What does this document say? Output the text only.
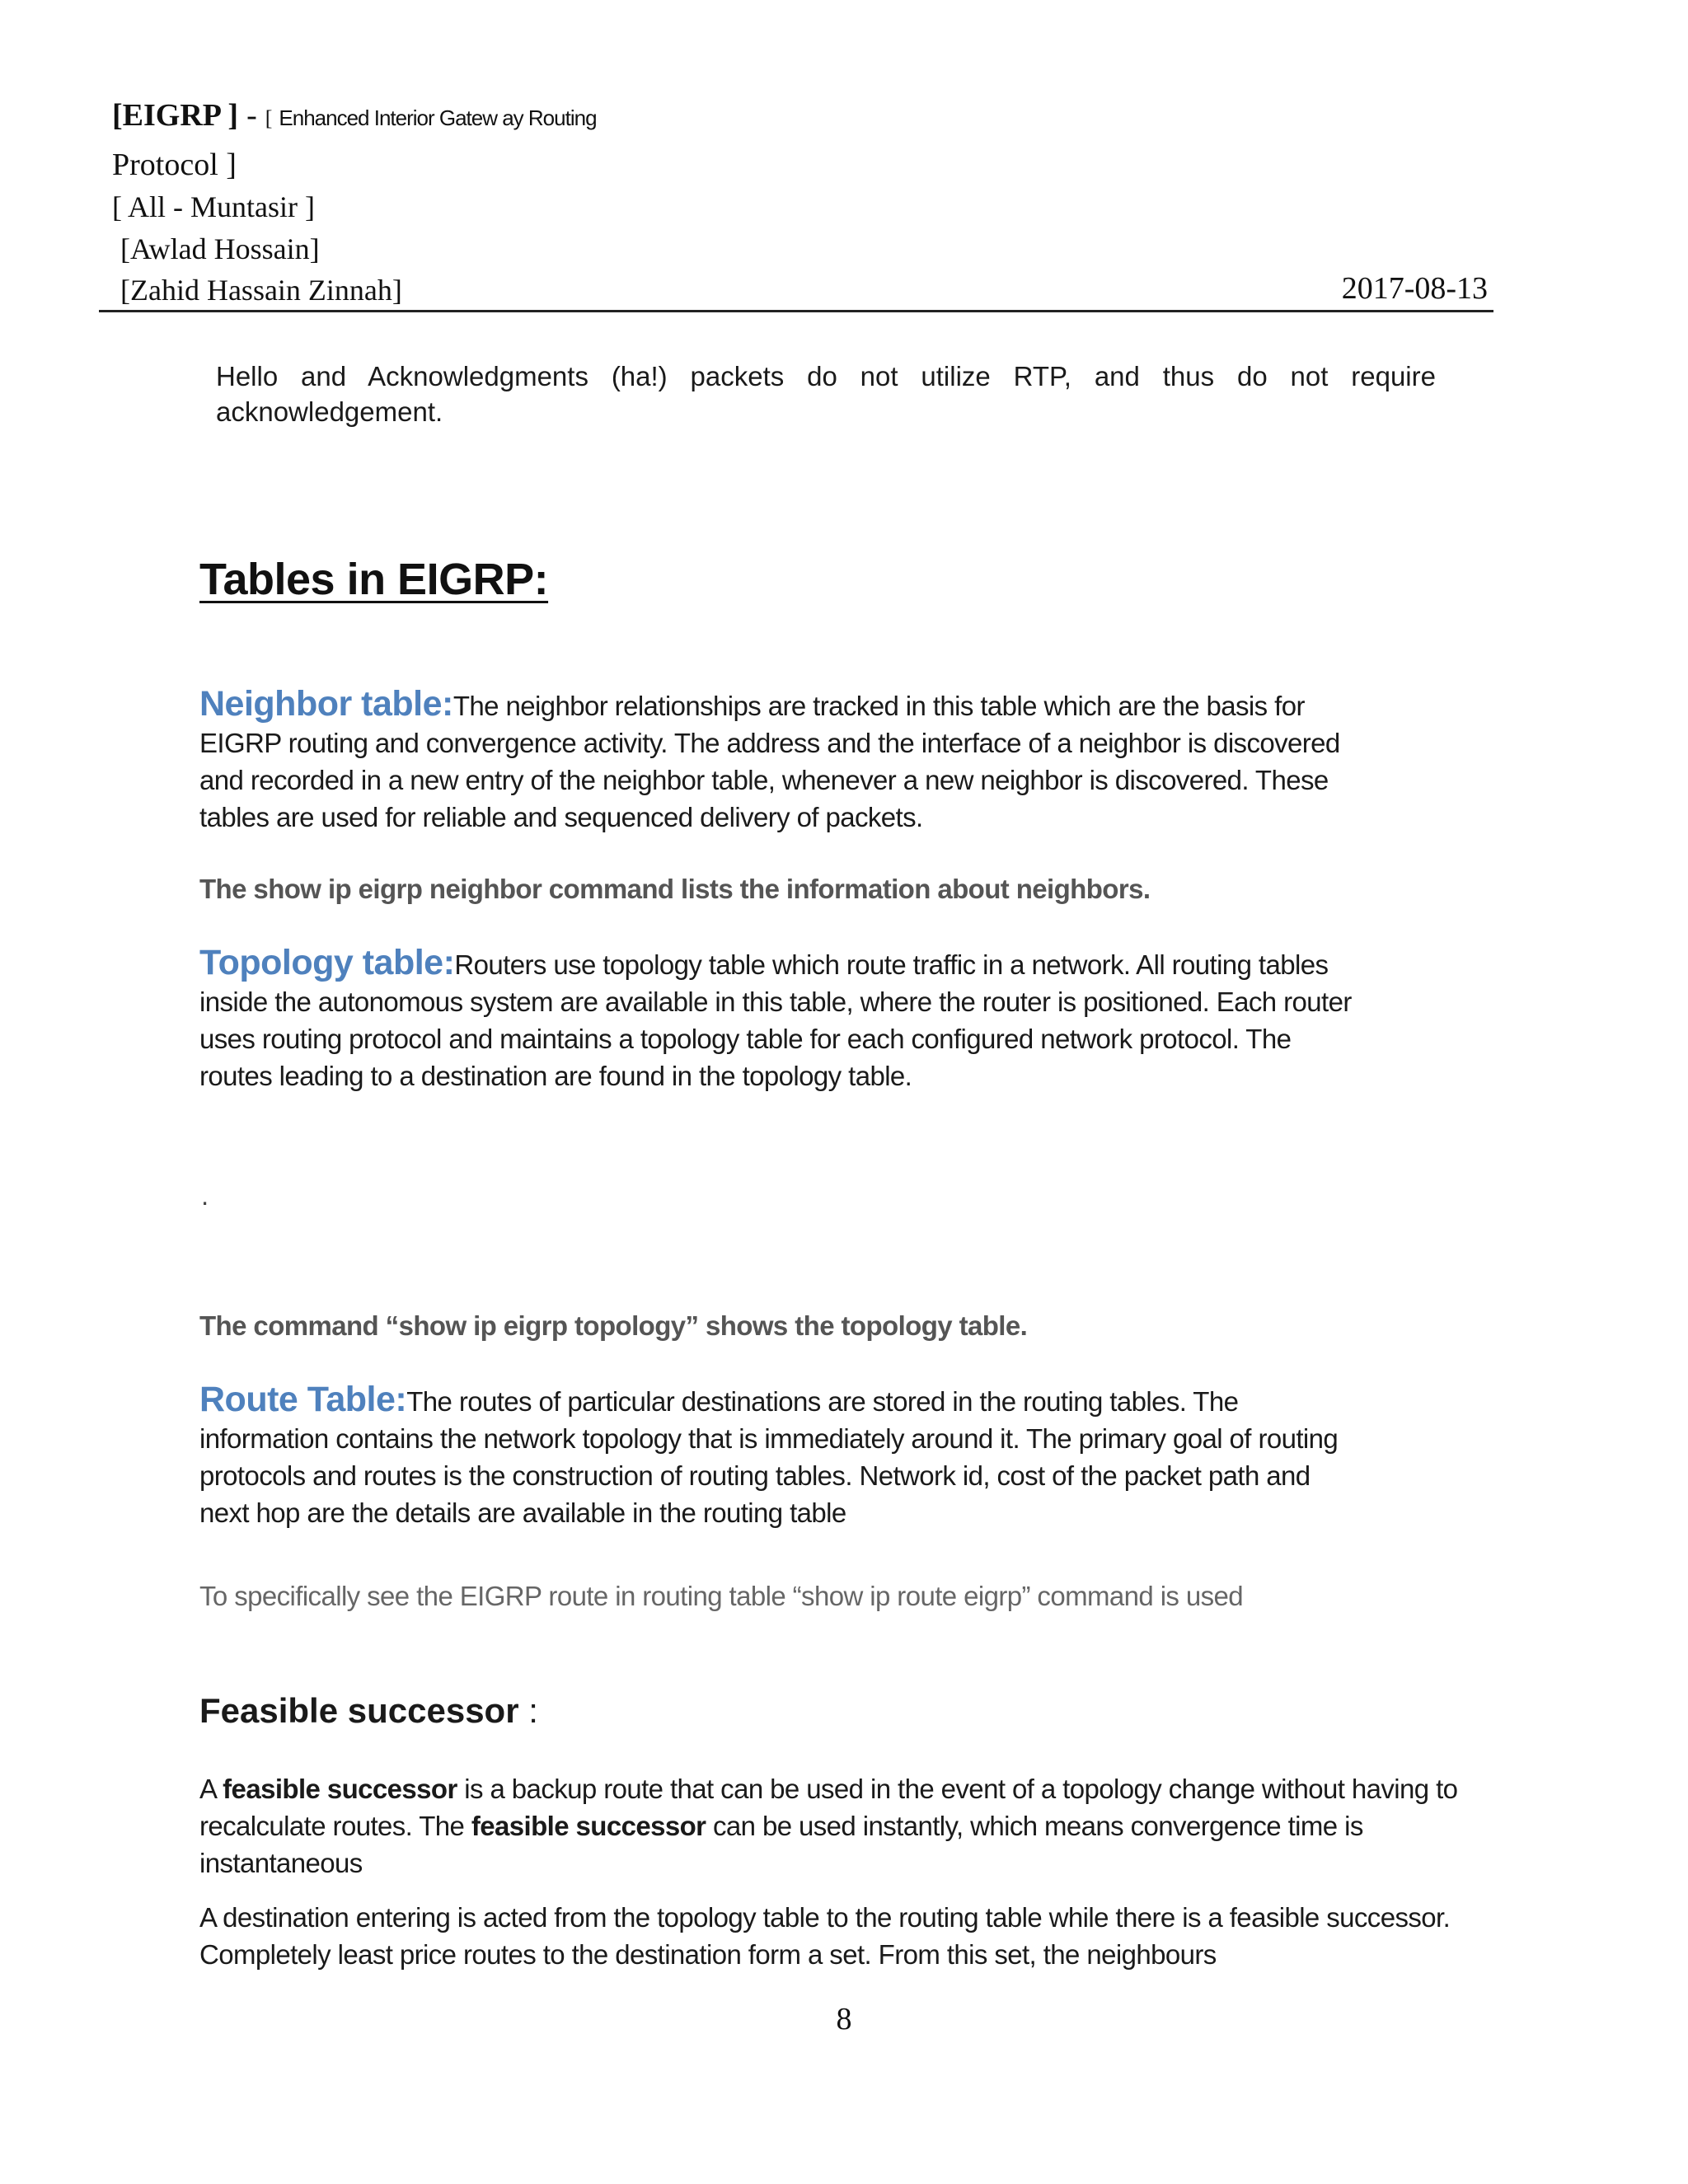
[EIGRP ] - [ Enhanced Interior Gatew ay Routing
Protocol ]
[ All - Muntasir ]
[Awlad Hossain]
[Zahid Hassain Zinnah]	2017-08-13
Hello and Acknowledgments (ha!) packets do not utilize RTP, and thus do not require acknowledgement.
Tables in EIGRP:
Neighbor table:The neighbor relationships are tracked in this table which are the basis for EIGRP routing and convergence activity. The address and the interface of a neighbor is discovered and recorded in a new entry of the neighbor table, whenever a new neighbor is discovered. These tables are used for reliable and sequenced delivery of packets.
The show ip eigrp neighbor command lists the information about neighbors.
Topology table:Routers use topology table which route traffic in a network. All routing tables inside the autonomous system are available in this table, where the router is positioned. Each router uses routing protocol and maintains a topology table for each configured network protocol. The routes leading to a destination are found in the topology table.
.
The command “show ip eigrp topology” shows the topology table.
Route Table:The routes of particular destinations are stored in the routing tables. The information contains the network topology that is immediately around it. The primary goal of routing protocols and routes is the construction of routing tables. Network id, cost of the packet path and next hop are the details are available in the routing table
To specifically see the EIGRP route in routing table “show ip route eigrp” command is used
Feasible successor :
A feasible successor is a backup route that can be used in the event of a topology change without having to recalculate routes. The feasible successor can be used instantly, which means convergence time is instantaneous
A destination entering is acted from the topology table to the routing table while there is a feasible successor. Completely least price routes to the destination form a set. From this set, the neighbours
8
